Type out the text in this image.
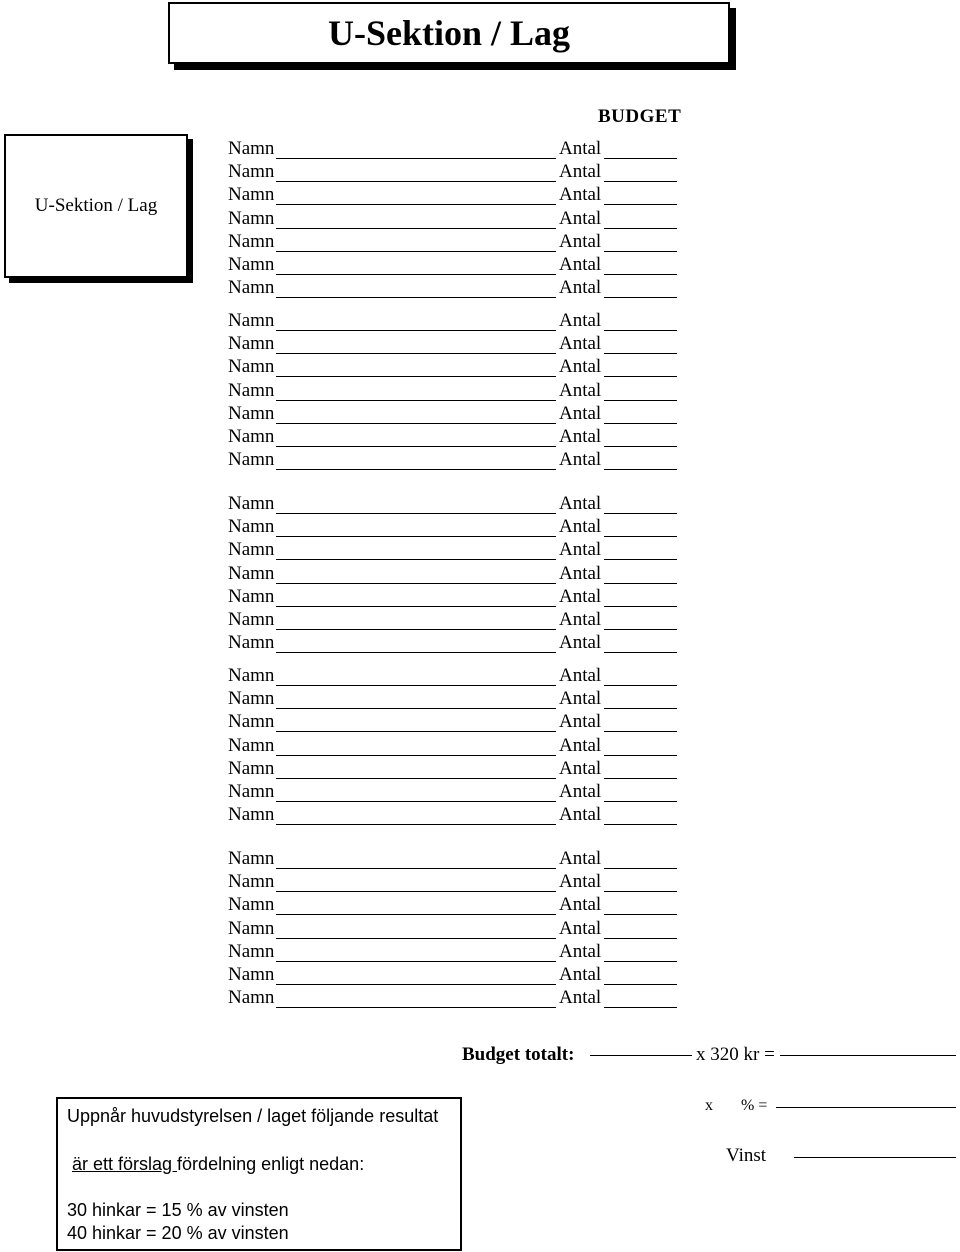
U-Sektion / Lag
U-Sektion / Lag
BUDGET
Namn	Antal
Namn	Antal
Namn	Antal
Namn	Antal
Namn	Antal
Namn	Antal
Namn	Antal
Namn	Antal
Namn	Antal
Namn	Antal
Namn	Antal
Namn	Antal
Namn	Antal
Namn	Antal
Namn	Antal
Namn	Antal
Namn	Antal
Namn	Antal
Namn	Antal
Namn	Antal
Namn	Antal
Namn	Antal
Namn	Antal
Namn	Antal
Namn	Antal
Namn	Antal
Namn	Antal
Namn	Antal
Namn	Antal
Namn	Antal
Namn	Antal
Namn	Antal
Namn	Antal
Namn	Antal
Namn	Antal
Budget totalt:	x 320 kr =
x       % =
Vinst
Uppnår huvudstyrelsen / laget följande resultat
är ett förslag fördelning enligt nedan:
30 hinkar = 15 % av vinsten
40 hinkar = 20 % av vinsten
